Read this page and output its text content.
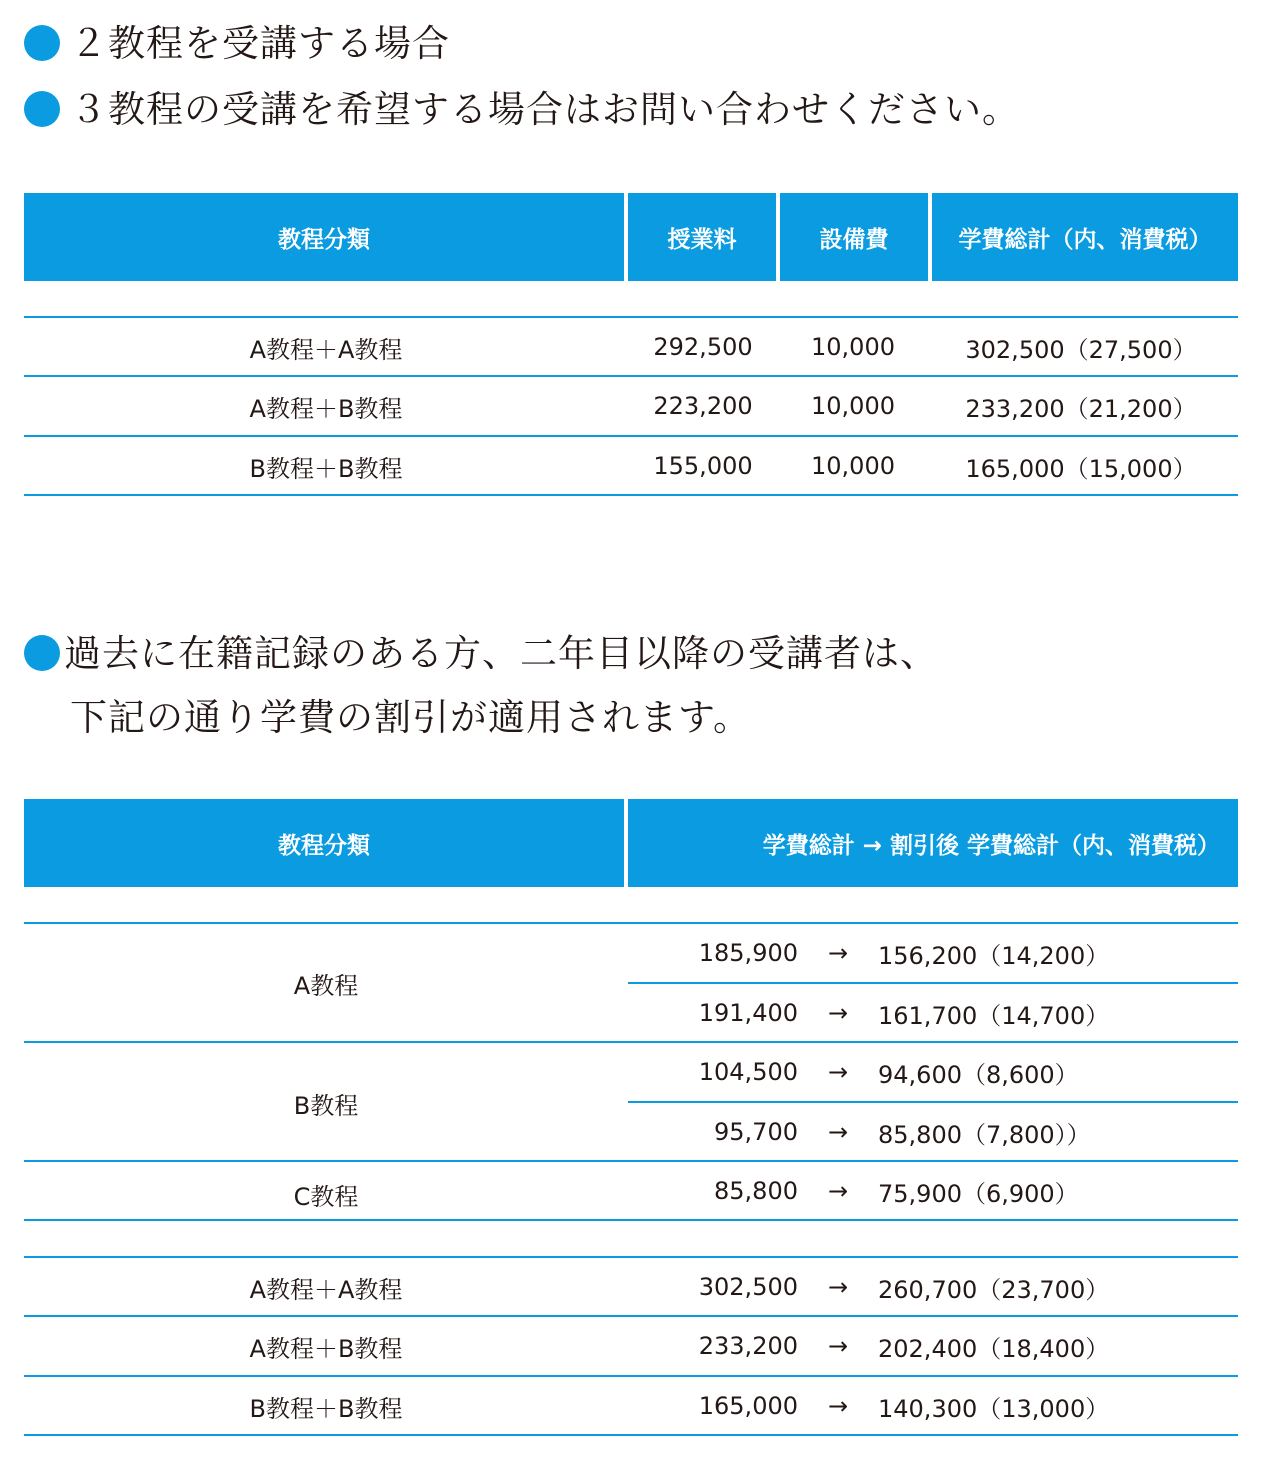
２教程を受講する場合
３教程の受講を希望する場合はお問い合わせください。
教程分類	授業料	設備費	学費総計（内、消費税）
A教程＋A教程	292,500	10,000	302,500（27,500）
A教程＋B教程	223,200	10,000	233,200（21,200）
B教程＋B教程	155,000	10,000	165,000（15,000）
過去に在籍記録のある方、二年目以降の受講者は、
下記の通り学費の割引が適用されます。
教程分類	学費総計 → 割引後 学費総計（内、消費税）
A教程
185,900	→	156,200（14,200）
191,400	→	161,700（14,700）
B教程
104,500	→	94,600（8,600）
95,700	→	85,800（7,800））
C教程	85,800	→	75,900（6,900）
A教程＋A教程	302,500	→	260,700（23,700）
A教程＋B教程	233,200	→	202,400（18,400）
B教程＋B教程	165,000	→	140,300（13,000）
